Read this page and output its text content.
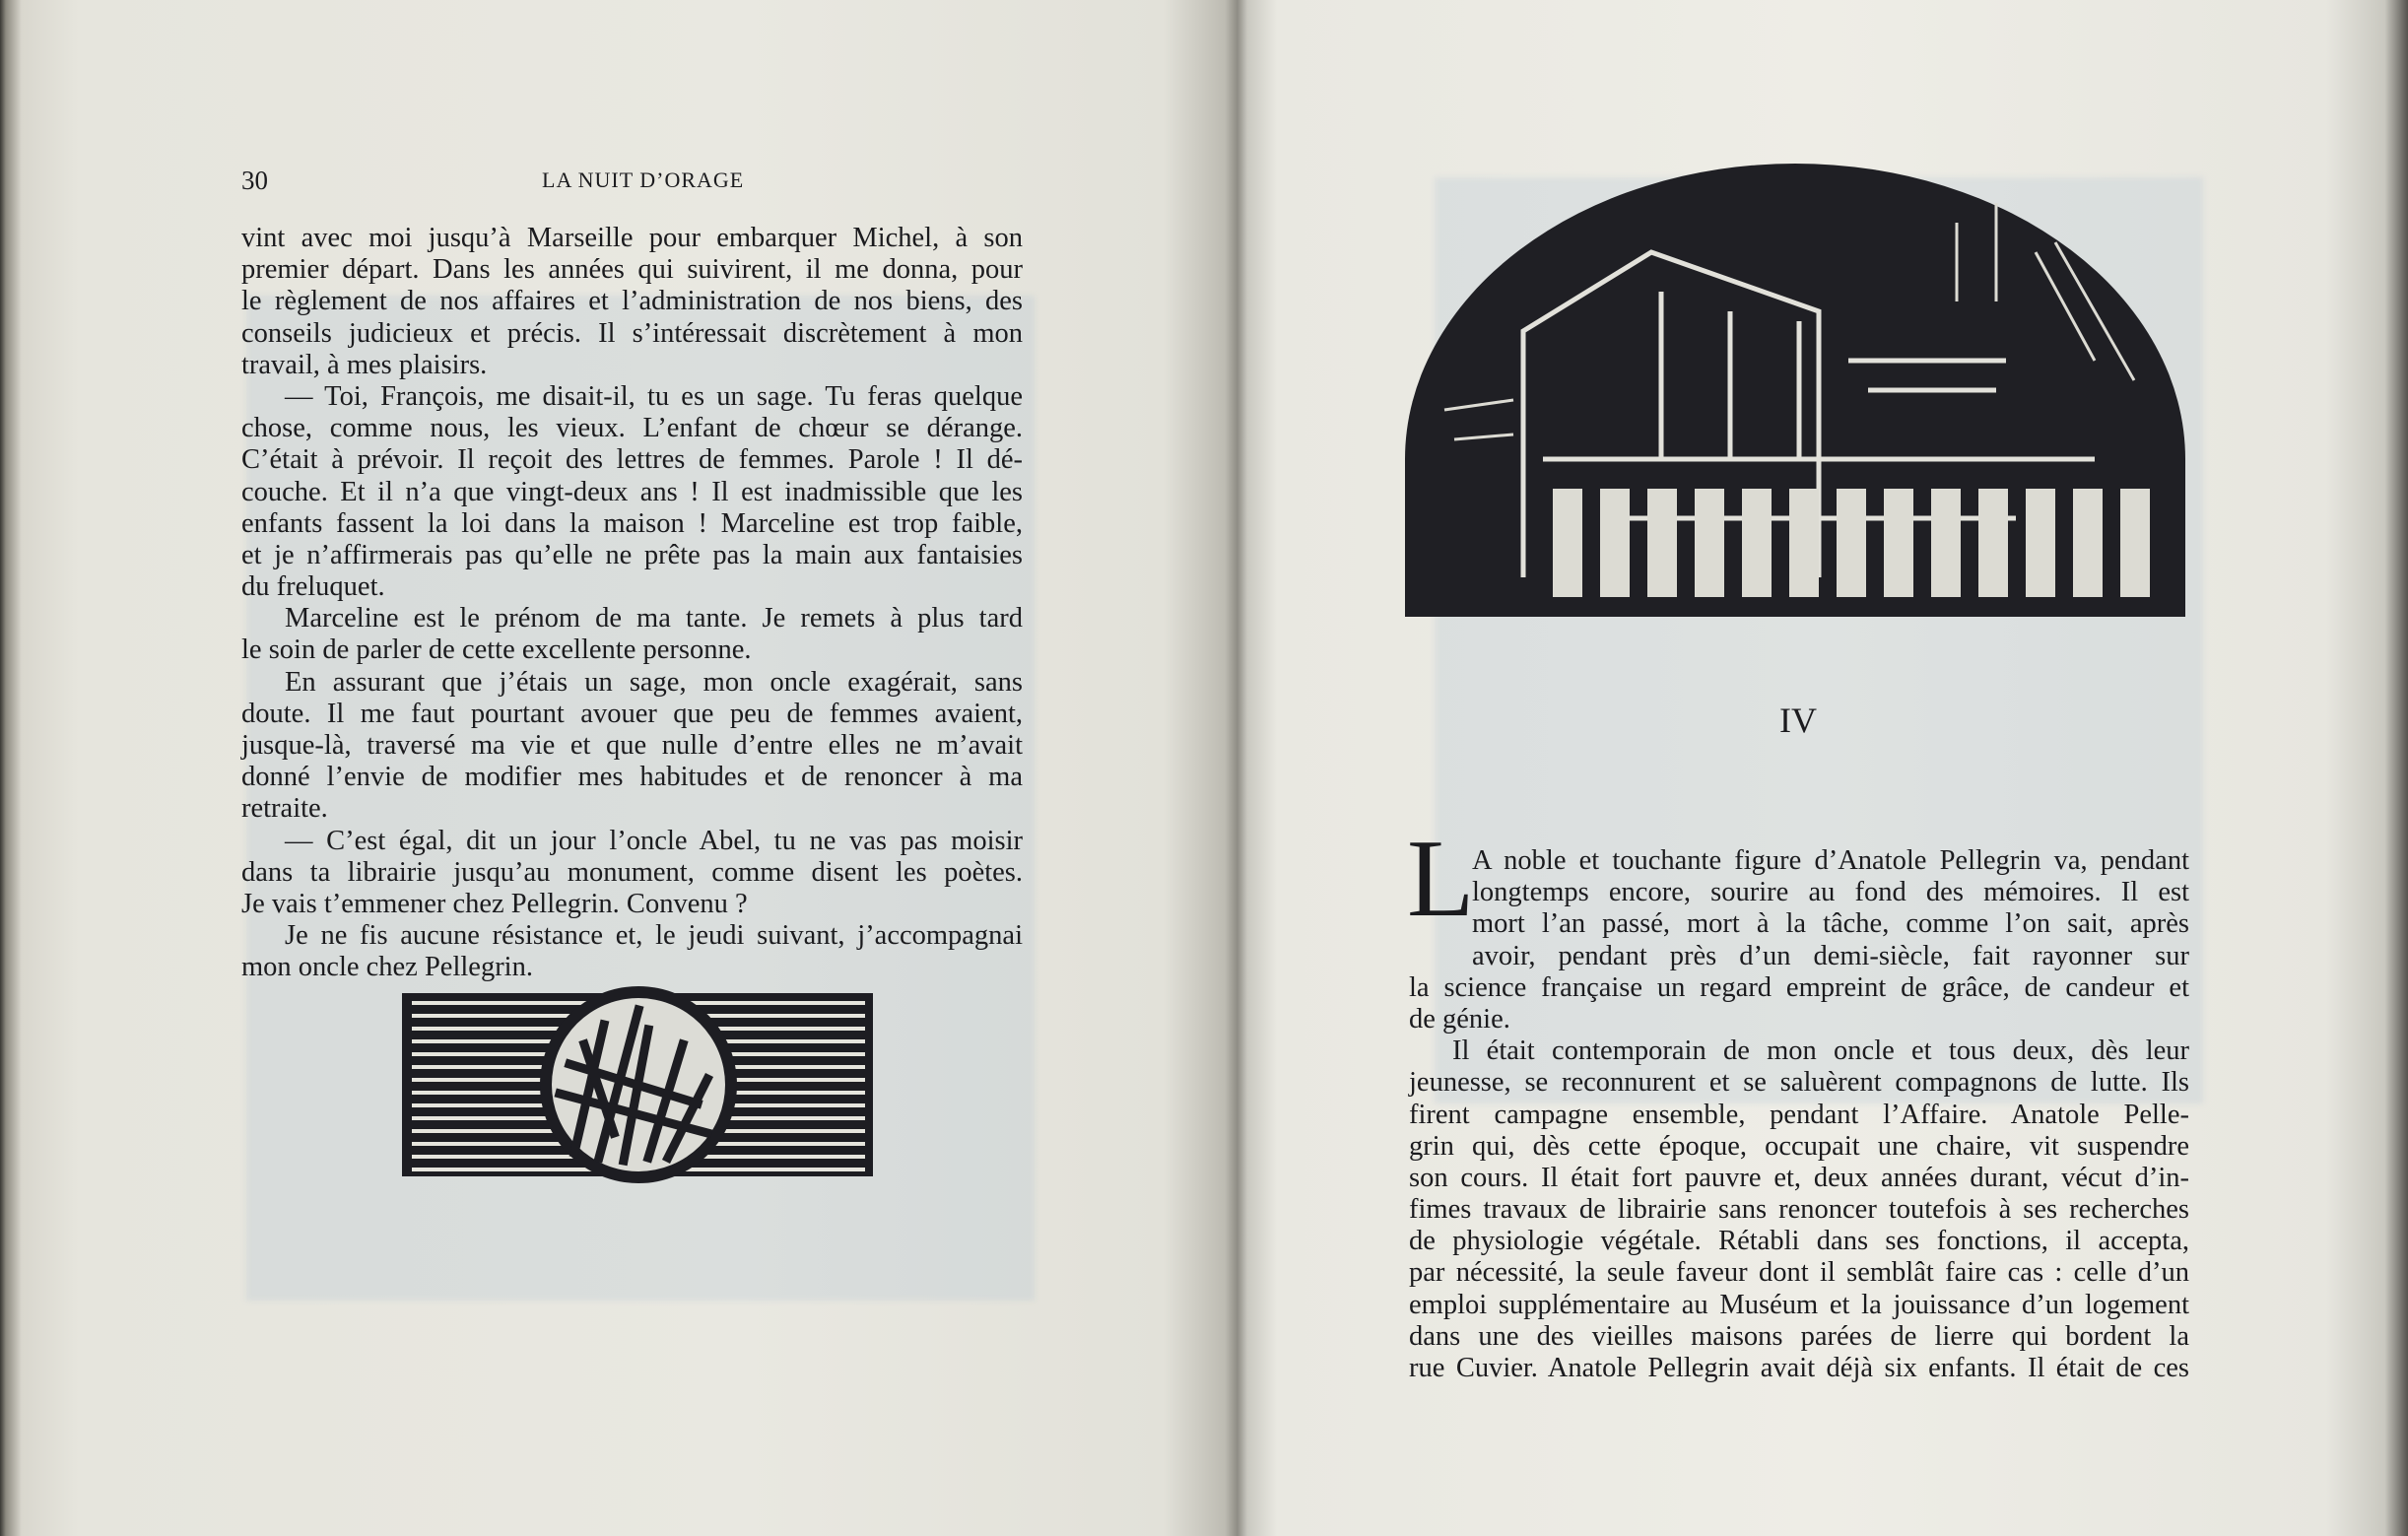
30	LA NUIT D’ORAGE
vint avec moi jusqu’à Marseille pour embarquer Michel, à son
premier départ. Dans les années qui suivirent, il me donna, pour
le règlement de nos affaires et l’administration de nos biens, des
conseils judicieux et précis. Il s’intéressait discrètement à mon
travail, à mes plaisirs.
— Toi, François, me disait-il, tu es un sage. Tu feras quelque
chose, comme nous, les vieux. L’enfant de chœur se dérange.
C’était à prévoir. Il reçoit des lettres de femmes. Parole ! Il dé-
couche. Et il n’a que vingt-deux ans ! Il est inadmissible que les
enfants fassent la loi dans la maison ! Marceline est trop faible,
et je n’affirmerais pas qu’elle ne prête pas la main aux fantaisies
du freluquet.
Marceline est le prénom de ma tante. Je remets à plus tard
le soin de parler de cette excellente personne.
En assurant que j’étais un sage, mon oncle exagérait, sans
doute. Il me faut pourtant avouer que peu de femmes avaient,
jusque-là, traversé ma vie et que nulle d’entre elles ne m’avait
donné l’envie de modifier mes habitudes et de renoncer à ma
retraite.
— C’est égal, dit un jour l’oncle Abel, tu ne vas pas moisir
dans ta librairie jusqu’au monument, comme disent les poètes.
Je vais t’emmener chez Pellegrin. Convenu ?
Je ne fis aucune résistance et, le jeudi suivant, j’accompagnai
mon oncle chez Pellegrin.
IV
L
A noble et touchante figure d’Anatole Pellegrin va, pendant
longtemps encore, sourire au fond des mémoires. Il est
mort l’an passé, mort à la tâche, comme l’on sait, après
avoir, pendant près d’un demi-siècle, fait rayonner sur
la science française un regard empreint de grâce, de candeur et
de génie.
Il était contemporain de mon oncle et tous deux, dès leur
jeunesse, se reconnurent et se saluèrent compagnons de lutte. Ils
firent campagne ensemble, pendant l’Affaire. Anatole Pelle-
grin qui, dès cette époque, occupait une chaire, vit suspendre
son cours. Il était fort pauvre et, deux années durant, vécut d’in-
fimes travaux de librairie sans renoncer toutefois à ses recherches
de physiologie végétale. Rétabli dans ses fonctions, il accepta,
par nécessité, la seule faveur dont il semblât faire cas : celle d’un
emploi supplémentaire au Muséum et la jouissance d’un logement
dans une des vieilles maisons parées de lierre qui bordent la
rue Cuvier. Anatole Pellegrin avait déjà six enfants. Il était de ces
